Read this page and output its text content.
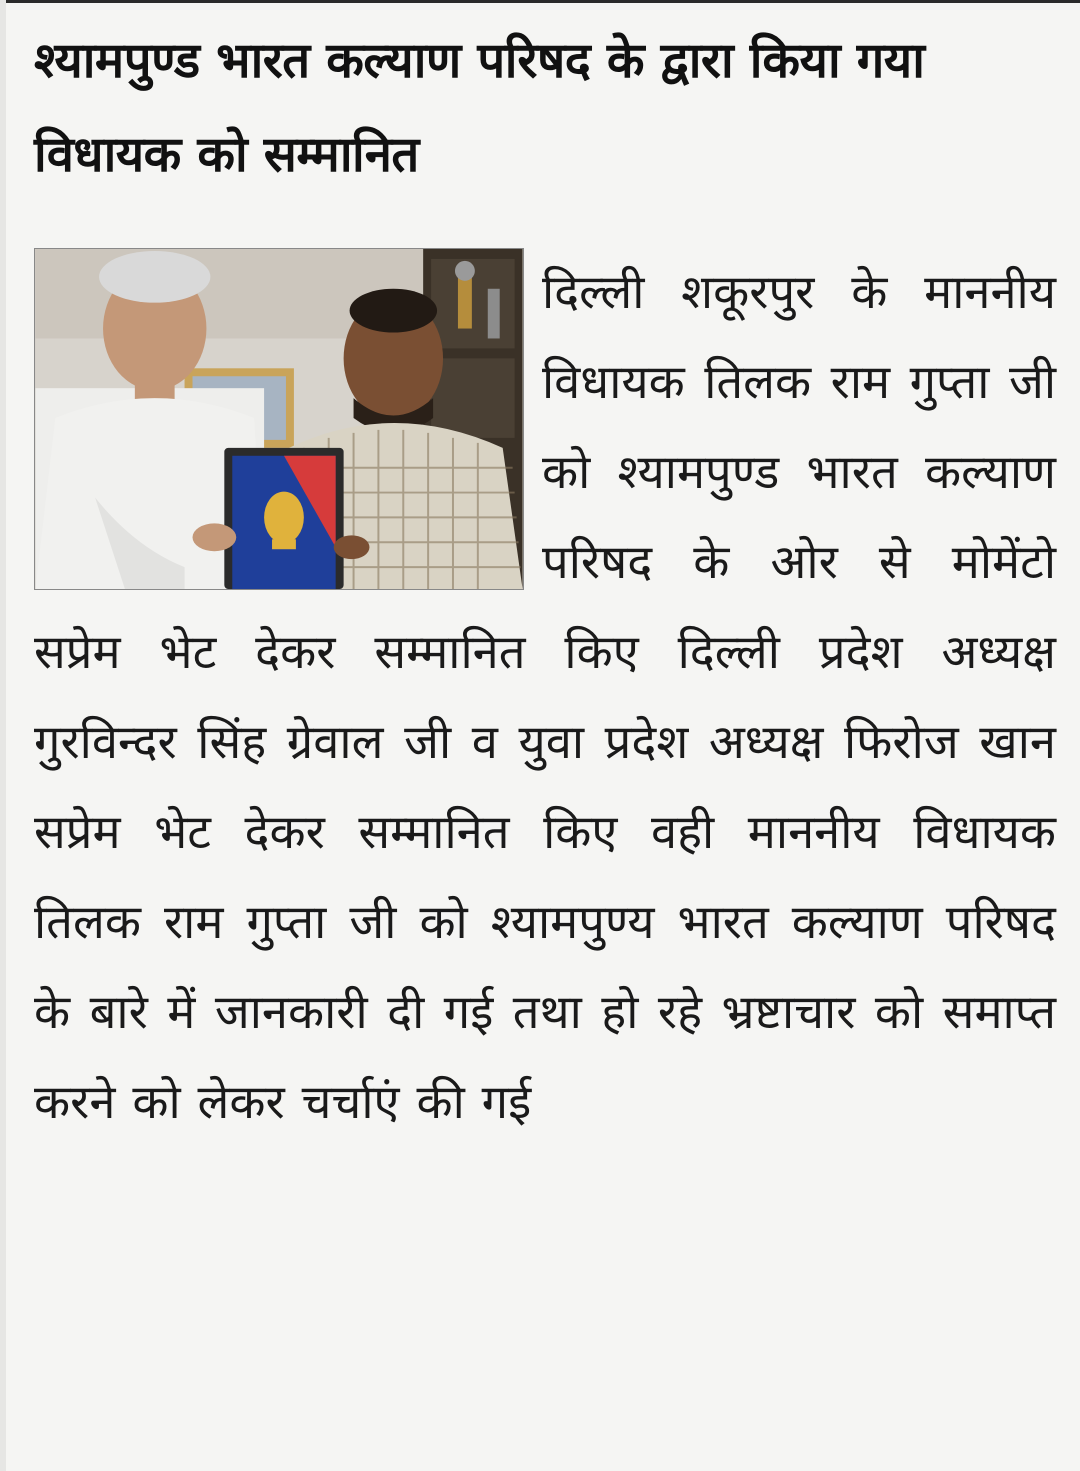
श्यामपुण्ड भारत कल्याण परिषद के द्वारा किया गया विधायक को सम्मानित

दिल्ली शकूरपुर के माननीय विधायक तिलक राम गुप्ता जी को श्यामपुण्ड भारत कल्याण परिषद के ओर से मोमेंटो सप्रेम भेट देकर सम्मानित किए दिल्ली प्रदेश अध्यक्ष गुरविन्दर सिंह ग्रेवाल जी व युवा प्रदेश अध्यक्ष फिरोज खान सप्रेम भेट देकर सम्मानित किए वही माननीय विधायक तिलक राम गुप्ता जी को श्यामपुण्य भारत कल्याण परिषद के बारे में जानकारी दी गई तथा हो रहे भ्रष्टाचार को समाप्त करने को लेकर चर्चाएं की गई
